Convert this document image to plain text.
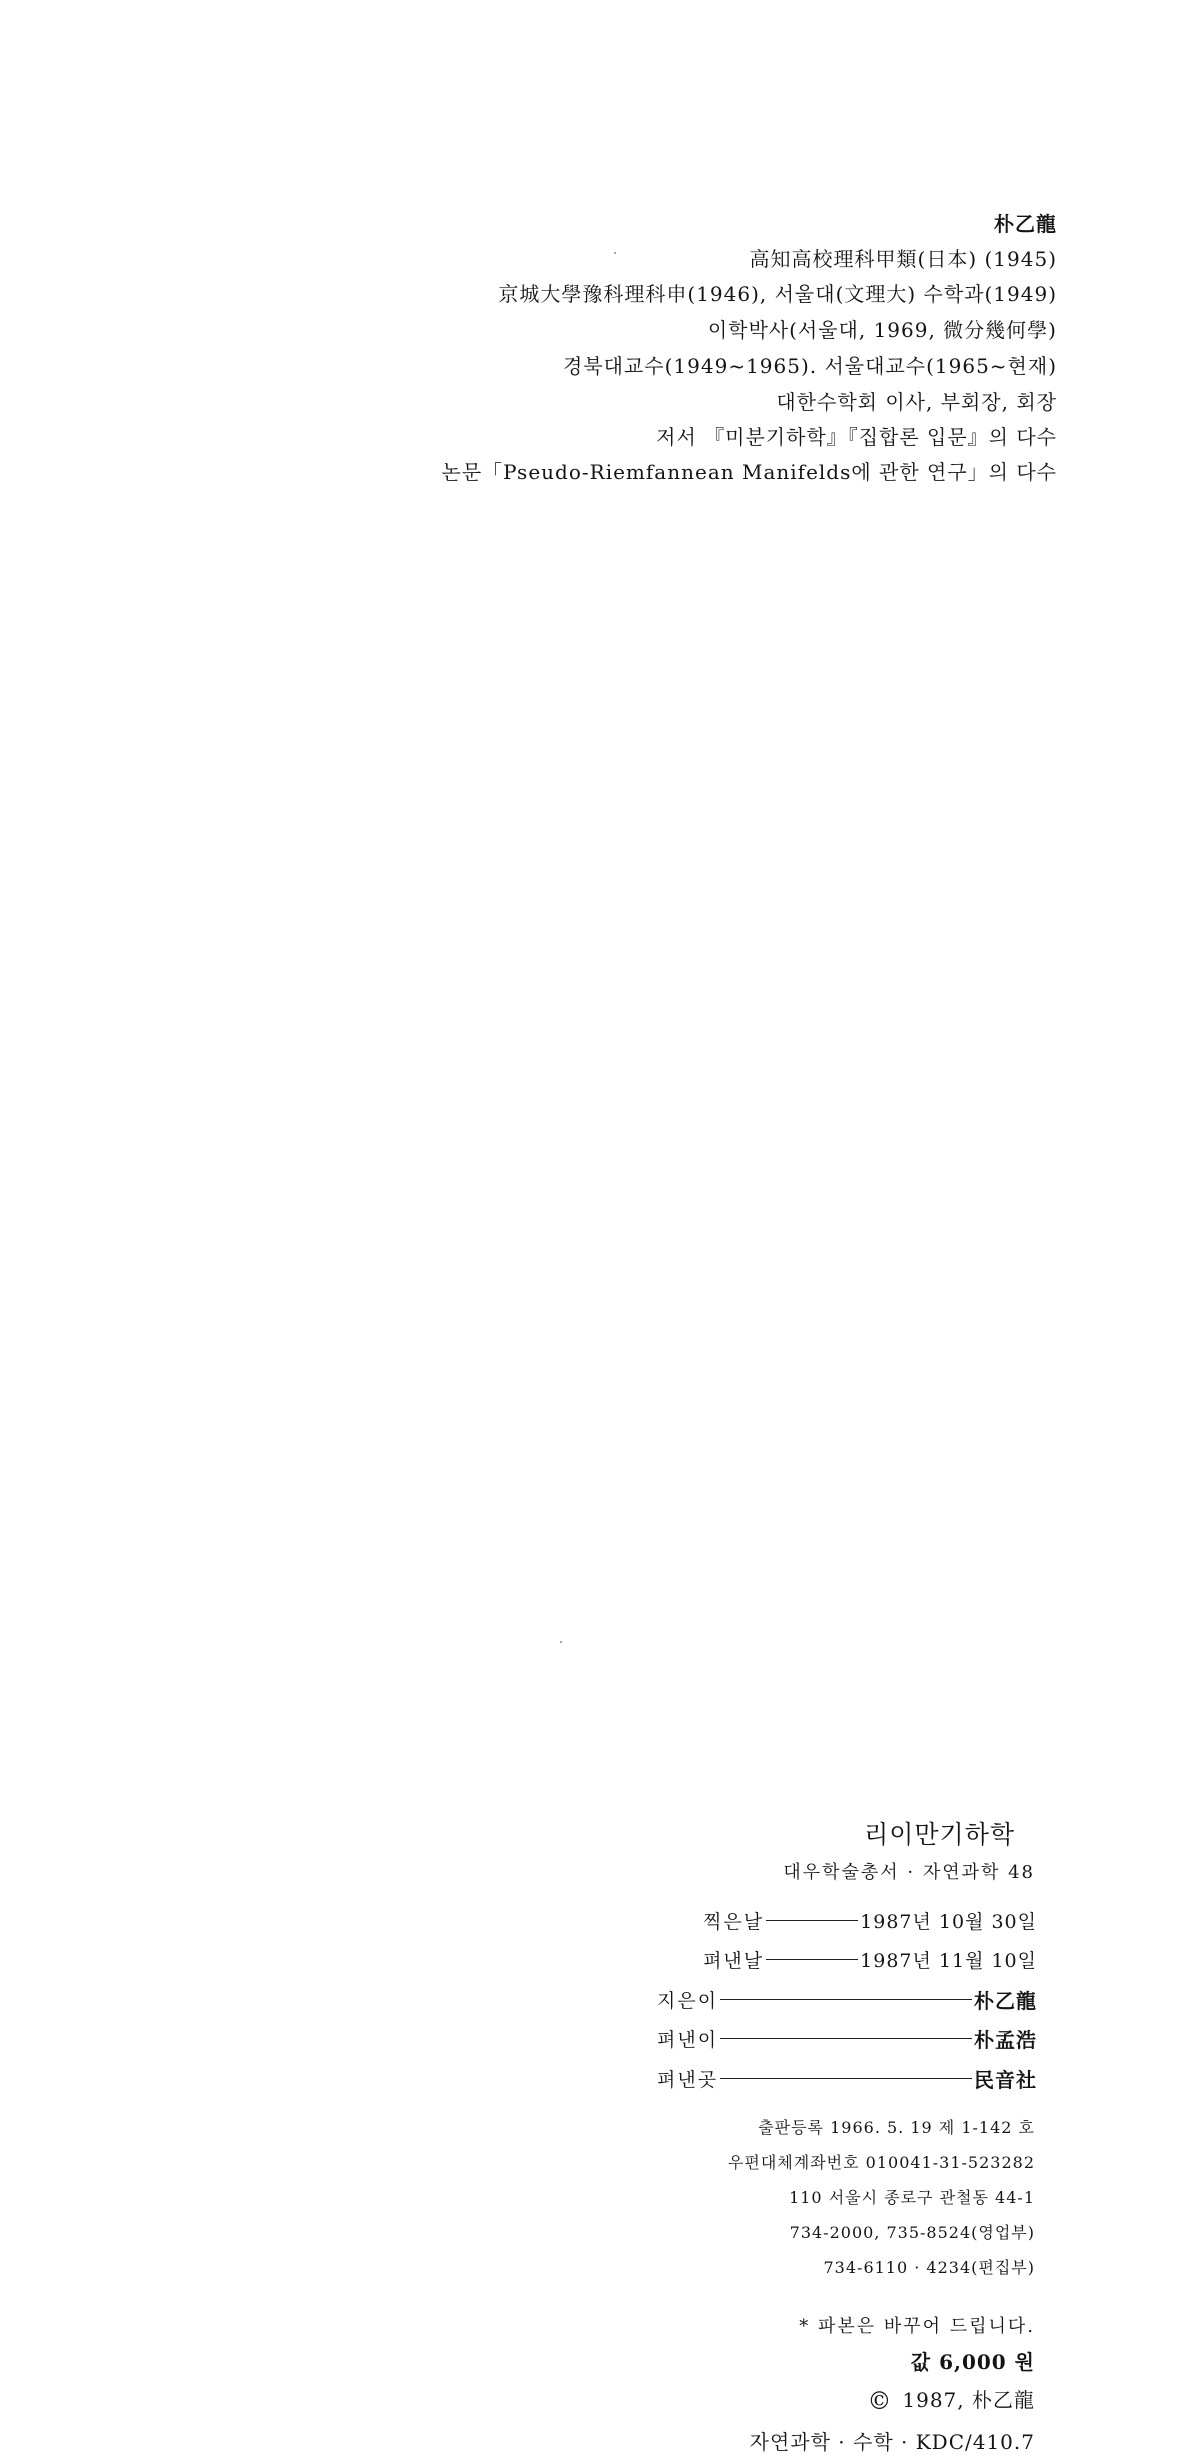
朴乙龍
高知高校理科甲類(日本) (1945)
京城大學豫科理科申(1946), 서울대(文理大) 수학과(1949)
이학박사(서울대, 1969, 微分幾何學)
경북대교수(1949~1965). 서울대교수(1965~현재)
대한수학회 이사, 부회장, 회장
저서 『미분기하학』『집합론 입문』의 다수
논문「Pseudo-Riemfannean Manifelds에 관한 연구」의 다수
리이만기하학
대우학술총서 · 자연과학 48
찍은날	1987년 10월 30일
펴낸날	1987년 11월 10일
지은이	朴乙龍
펴낸이	朴孟浩
펴낸곳	民音社
출판등록 1966. 5. 19 제 1-142 호
우편대체계좌번호 010041-31-523282
110 서울시 종로구 관철동 44-1
734-2000, 735-8524(영업부)
734-6110 · 4234(편집부)
* 파본은 바꾸어 드립니다.
값 6,000 원
© 1987, 朴乙龍
자연과학 · 수학 · KDC/410.7
